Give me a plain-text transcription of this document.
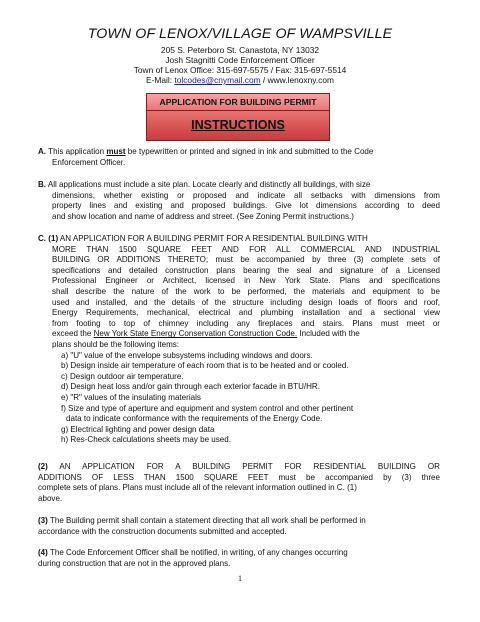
TOWN OF LENOX/VILLAGE OF WAMPSVILLE
205 S. Peterboro St. Canastota, NY 13032
Josh Stagnitti Code Enforcement Officer
Town of Lenox Office: 315-697-5575 / Fax: 315-697-5514
E-Mail: tolcodes@cnymail.com / www.lenoxny.com
APPLICATION FOR BUILDING PERMIT
INSTRUCTIONS
A. This application must be typewritten or printed and signed in ink and submitted to the Code
Enforcement Officer.
B. All applications must include a site plan. Locate clearly and distinctly all buildings, with size
dimensions, whether existing or proposed and indicate all setbacks with dimensions from
property lines and existing and proposed buildings. Give lot dimensions according to deed
and show location and name of address and street. (See Zoning Permit instructions.)
C. (1) AN APPLICATION FOR A BUILDING PERMIT FOR A RESIDENTIAL BUILDING WITH
MORE THAN 1500 SQUARE FEET AND FOR ALL COMMERCIAL AND INDUSTRIAL
BUILDING OR ADDITIONS THERETO; must be accompanied by three (3) complete sets of
specifications and detailed construction plans bearing the seal and signature of a Licensed
Professional Engineer or Architect, licensed in New York State. Plans and specifications
shall describe the nature of the work to be performed, the materials and equipment to be
used and installed, and the details of the structure including design loads of floors and roof,
Energy Requirements, mechanical, electrical and plumbing installation and a sectional view
from footing to top of chimney including any fireplaces and stairs. Plans must meet or
exceed the New York State Energy Conservation Construction Code. Included with the
plans should be the following items:
a) "U" value of the envelope subsystems including windows and doors.
b) Design inside air temperature of each room that is to be heated and or cooled.
c) Design outdoor air temperature.
d) Design heat loss and/or gain through each exterior facade in BTU/HR.
e) "R" values of the insulating materials
f) Size and type of aperture and equipment and system control and other pertinent
data to indicate conformance with the requirements of the Energy Code.
g) Electrical lighting and power design data
h) Res-Check calculations sheets may be used.
(2) AN APPLICATION FOR A BUILDING PERMIT FOR RESIDENTIAL BUILDING OR
ADDITIONS OF LESS THAN 1500 SQUARE FEET must be accompanied by (3) three
complete sets of plans. Plans must include all of the relevant information outlined in C. (1)
above.
(3) The Building permit shall contain a statement directing that all work shall be performed in
accordance with the construction documents submitted and accepted.
(4) The Code Enforcement Officer shall be notified, in writing, of any changes occurring
during construction that are not in the approved plans.
1
